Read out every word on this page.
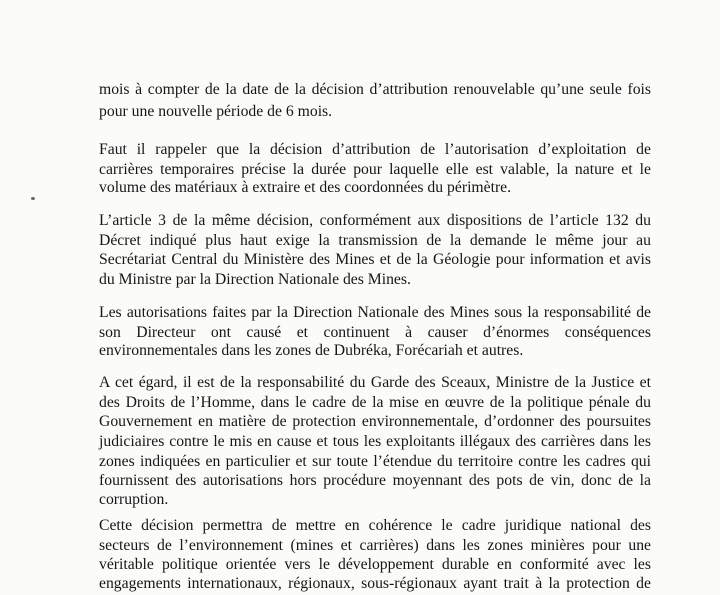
mois à compter de la date de la décision d’attribution renouvelable qu’une seule fois
pour une nouvelle période de 6 mois.
Faut il rappeler que la décision d’attribution de l’autorisation d’exploitation de
carrières temporaires précise la durée pour laquelle elle est valable, la nature et le
volume des matériaux à extraire et des coordonnées du périmètre.
L’article 3 de la même décision, conformément aux dispositions de l’article 132 du
Décret indiqué plus haut exige la transmission de la demande le même jour au
Secrétariat Central du Ministère des Mines et de la Géologie pour information et avis
du Ministre par la Direction Nationale des Mines.
Les autorisations faites par la Direction Nationale des Mines sous la responsabilité de
son Directeur ont causé et continuent à causer d’énormes conséquences
environnementales dans les zones de Dubréka, Forécariah et autres.
A cet égard, il est de la responsabilité du Garde des Sceaux, Ministre de la Justice et
des Droits de l’Homme, dans le cadre de la mise en œuvre de la politique pénale du
Gouvernement en matière de protection environnementale, d’ordonner des poursuites
judiciaires contre le mis en cause et tous les exploitants illégaux des carrières dans les
zones indiquées en particulier et sur toute l’étendue du territoire contre les cadres qui
fournissent des autorisations hors procédure moyennant des pots de vin, donc de la
corruption.
Cette décision permettra de mettre en cohérence le cadre juridique national des
secteurs de l’environnement (mines et carrières) dans les zones minières pour une
véritable politique orientée vers le développement durable en conformité avec les
engagements internationaux, régionaux, sous-régionaux ayant trait à la protection de
